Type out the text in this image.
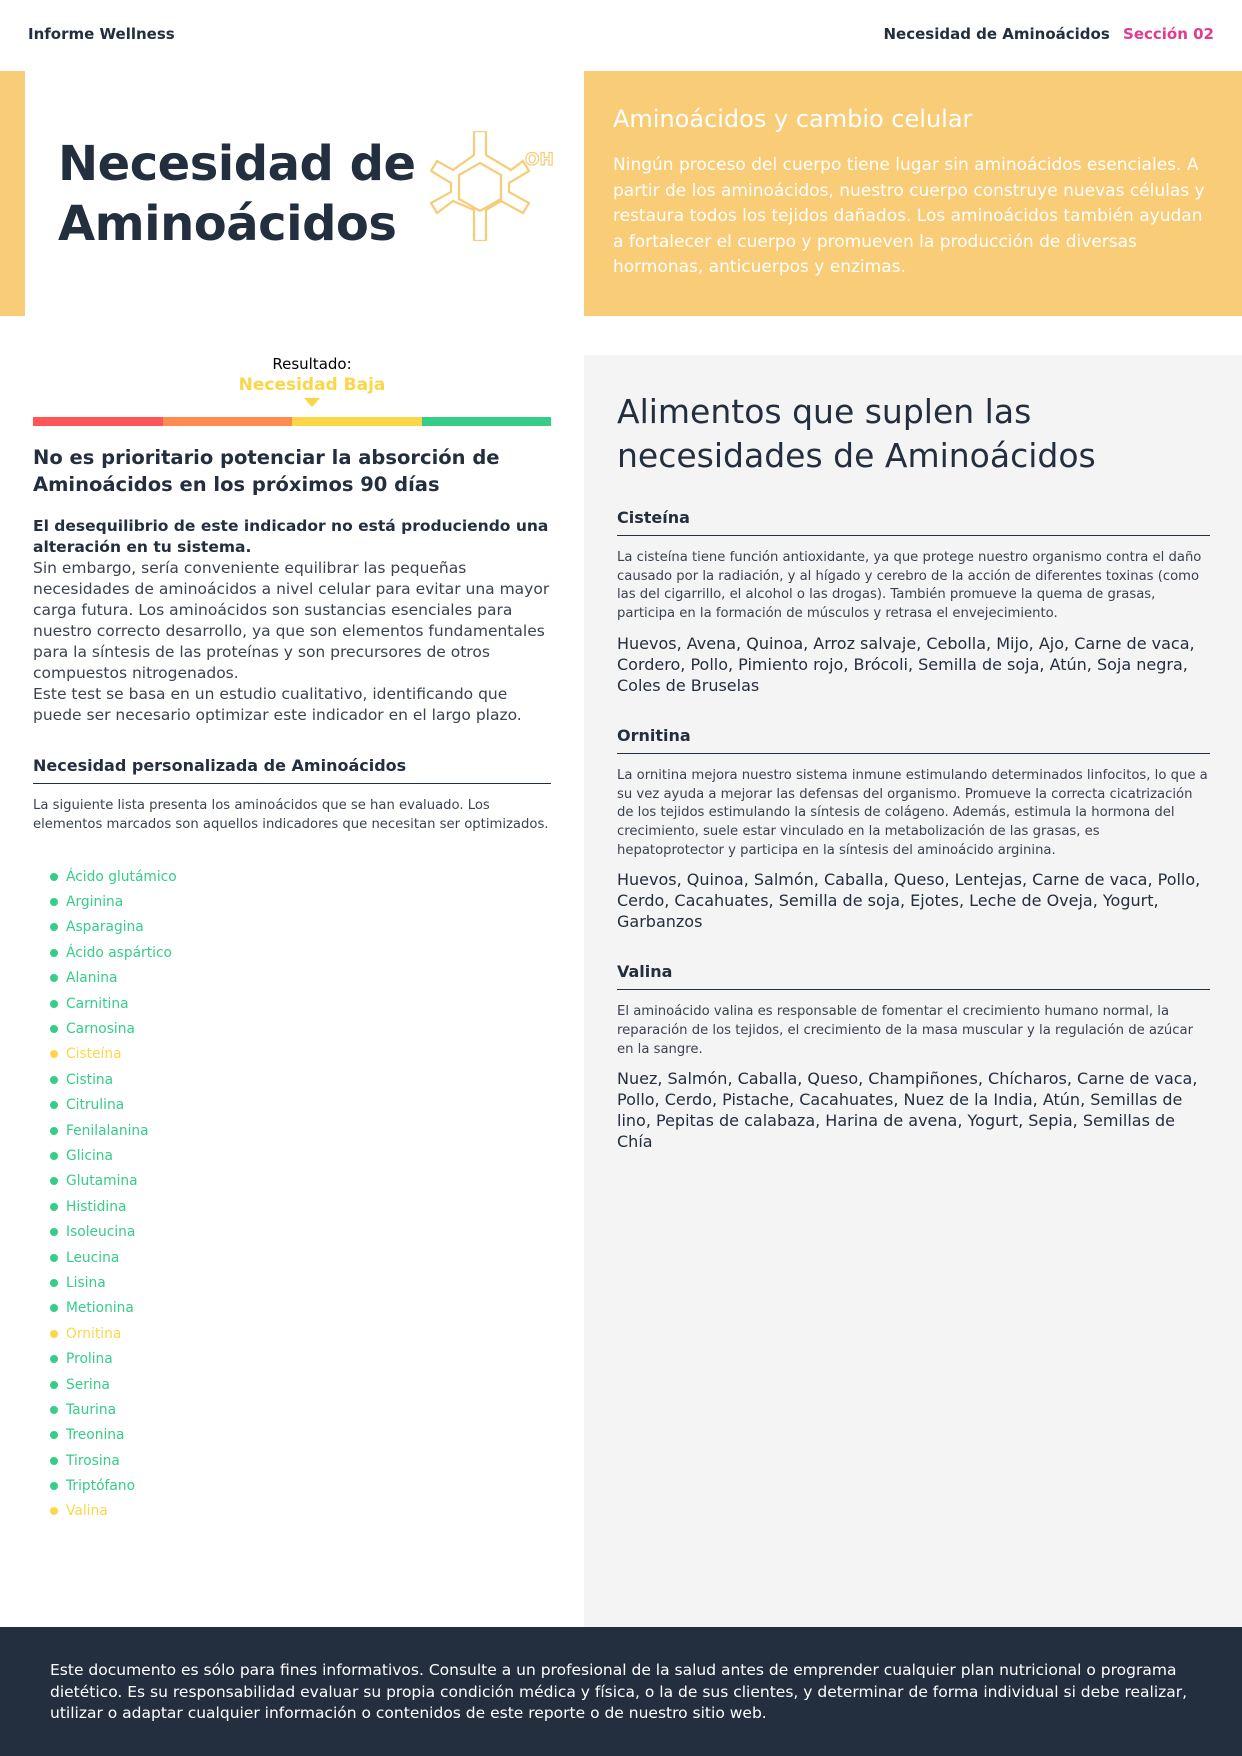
Informe Wellness	Necesidad de Aminoácidos Sección 02
Necesidad de
Aminoácidos
OH
Aminoácidos y cambio celular

Ningún proceso del cuerpo tiene lugar sin aminoácidos esenciales. A partir de los aminoácidos, nuestro cuerpo construye nuevas células y restaura todos los tejidos dañados. Los aminoácidos también ayudan a fortalecer el cuerpo y promueven la producción de diversas hormonas, anticuerpos y enzimas.

Resultado:
Necesidad Baja
No es prioritario potenciar la absorción de Aminoácidos en los próximos 90 días
El desequilibrio de este indicador no está produciendo una alteración en tu sistema.
Sin embargo, sería conveniente equilibrar las pequeñas necesidades de aminoácidos a nivel celular para evitar una mayor carga futura. Los aminoácidos son sustancias esenciales para nuestro correcto desarrollo, ya que son elementos fundamentales para la síntesis de las proteínas y son precursores de otros compuestos nitrogenados.
Este test se basa en un estudio cualitativo, identificando que puede ser necesario optimizar este indicador en el largo plazo.
Necesidad personalizada de Aminoácidos
La siguiente lista presenta los aminoácidos que se han evaluado. Los elementos marcados son aquellos indicadores que necesitan ser optimizados.
Ácido glutámico
Arginina
Asparagina
Ácido aspártico
Alanina
Carnitina
Carnosina
Cisteína
Cistina
Citrulina
Fenilalanina
Glicina
Glutamina
Histidina
Isoleucina
Leucina
Lisina
Metionina
Ornitina
Prolina
Serina
Taurina
Treonina
Tirosina
Triptófano
Valina
Alimentos que suplen las necesidades de Aminoácidos
Cisteína
La cisteína tiene función antioxidante, ya que protege nuestro organismo contra el daño causado por la radiación, y al hígado y cerebro de la acción de diferentes toxinas (como las del cigarrillo, el alcohol o las drogas). También promueve la quema de grasas, participa en la formación de músculos y retrasa el envejecimiento.
Huevos, Avena, Quinoa, Arroz salvaje, Cebolla, Mijo, Ajo, Carne de vaca, Cordero, Pollo, Pimiento rojo, Brócoli, Semilla de soja, Atún, Soja negra, Coles de Bruselas
Ornitina
La ornitina mejora nuestro sistema inmune estimulando determinados linfocitos, lo que a su vez ayuda a mejorar las defensas del organismo. Promueve la correcta cicatrización de los tejidos estimulando la síntesis de colágeno. Además, estimula la hormona del crecimiento, suele estar vinculado en la metabolización de las grasas, es hepatoprotector y participa en la síntesis del aminoácido arginina.
Huevos, Quinoa, Salmón, Caballa, Queso, Lentejas, Carne de vaca, Pollo, Cerdo, Cacahuates, Semilla de soja, Ejotes, Leche de Oveja, Yogurt, Garbanzos
Valina
El aminoácido valina es responsable de fomentar el crecimiento humano normal, la reparación de los tejidos, el crecimiento de la masa muscular y la regulación de azúcar en la sangre.
Nuez, Salmón, Caballa, Queso, Champiñones, Chícharos, Carne de vaca, Pollo, Cerdo, Pistache, Cacahuates, Nuez de la India, Atún, Semillas de lino, Pepitas de calabaza, Harina de avena, Yogurt, Sepia, Semillas de Chía

Este documento es sólo para fines informativos. Consulte a un profesional de la salud antes de emprender cualquier plan nutricional o programa dietético. Es su responsabilidad evaluar su propia condición médica y física, o la de sus clientes, y determinar de forma individual si debe realizar, utilizar o adaptar cualquier información o contenidos de este reporte o de nuestro sitio web.
